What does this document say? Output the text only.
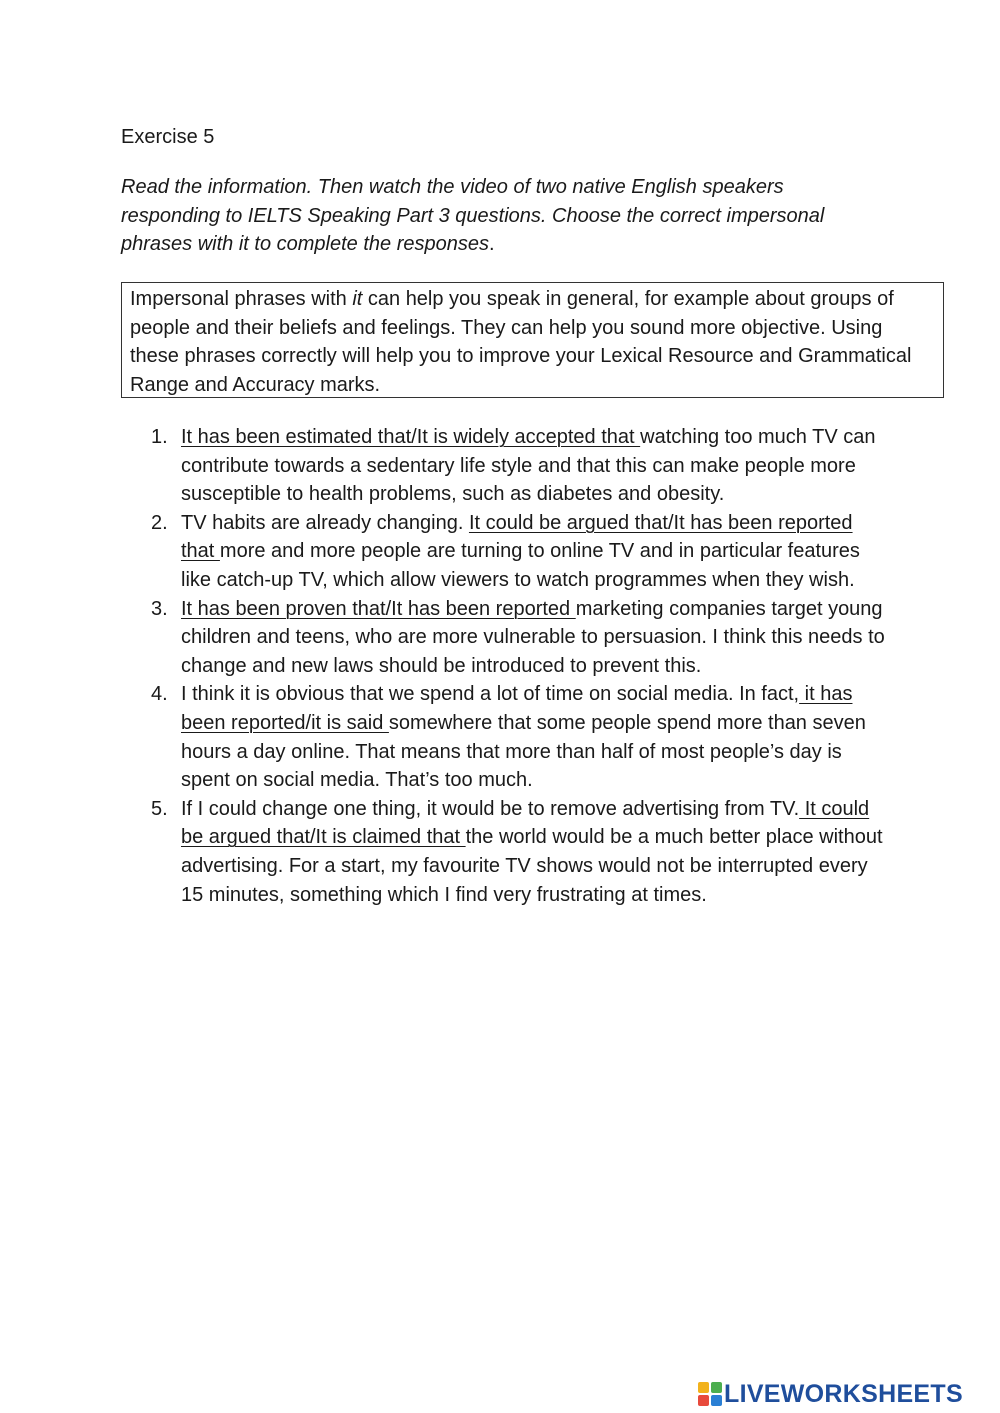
Exercise 5

Read the information. Then watch the video of two native English speakers responding to IELTS Speaking Part 3 questions. Choose the correct impersonal phrases with it to complete the responses.

Impersonal phrases with it can help you speak in general, for example about groups of people and their beliefs and feelings. They can help you sound more objective. Using these phrases correctly will help you to improve your Lexical Resource and Grammatical Range and Accuracy marks.
1. It has been estimated that/It is widely accepted that watching too much TV can contribute towards a sedentary life style and that this can make people more susceptible to health problems, such as diabetes and obesity.
2. TV habits are already changing. It could be argued that/It has been reported that more and more people are turning to online TV and in particular features like catch-up TV, which allow viewers to watch programmes when they wish.
3. It has been proven that/It has been reported marketing companies target young children and teens, who are more vulnerable to persuasion. I think this needs to change and new laws should be introduced to prevent this.
4. I think it is obvious that we spend a lot of time on social media. In fact, it has been reported/it is said somewhere that some people spend more than seven hours a day online. That means that more than half of most people’s day is spent on social media. That’s too much.
5. If I could change one thing, it would be to remove advertising from TV. It could be argued that/It is claimed that the world would be a much better place without advertising. For a start, my favourite TV shows would not be interrupted every 15 minutes, something which I find very frustrating at times.
LIVEWORKSHEETS
